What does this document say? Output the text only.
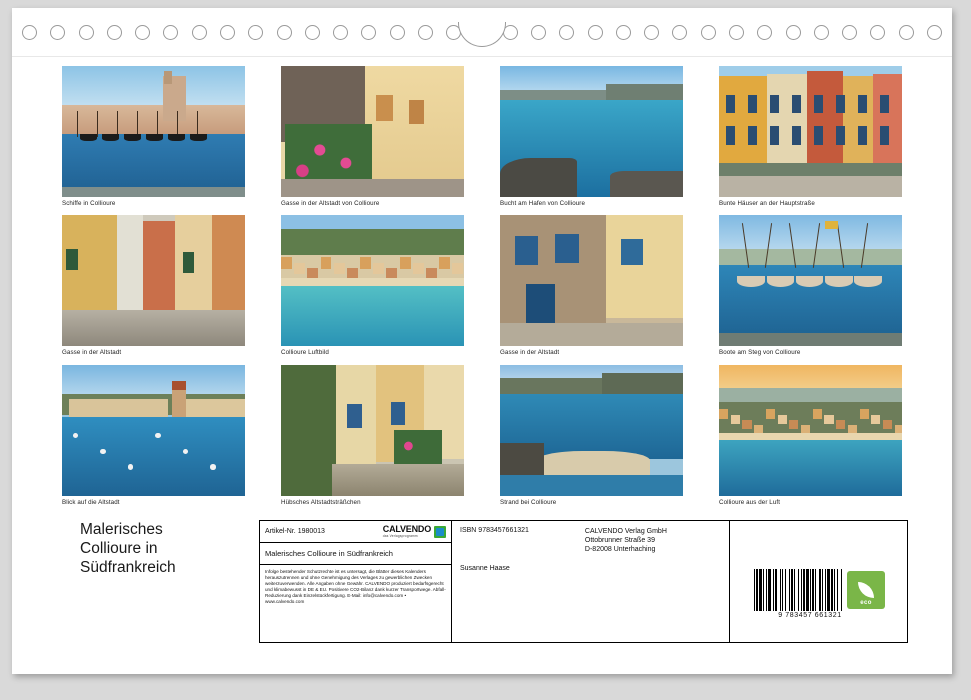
Schiffe in Collioure	Gasse in der Altstadt von Collioure	Bucht am Hafen von Collioure	Bunte Häuser an der Hauptstraße
Gasse in der Altstadt	Collioure Luftbild	Gasse in der Altstadt	Boote am Steg von Collioure
Blick auf die Altstadt	Hübsches Altstadtsträßchen	Strand bei Collioure	Collioure aus der Luft
Malerisches
Collioure in
Südfrankreich
Artikel-Nr. 1980013	CALVENDO
das Verlagsprogramm
Malerisches Collioure in Südfrankreich
Infolge bestehender Schutzrechte ist es untersagt, die Blätter dieses Kalenders herauszutrennen und ohne Genehmigung des Verlages zu gewerblichen Zwecken weiterzuverwenden. Alle Angaben ohne Gewähr. CALVENDO produziert bedarfsgerecht und klimabewusst in DE & EU. Positivere CO2-Bilanz dank kurzer Transportwege. Abfall-Reduzierung dank Einzelstückfertigung. E-Mail: info@calvendo.com • www.calvendo.com
ISBN 9783457661321	CALVENDO Verlag GmbH
Ottobrunner Straße 39
D-82008 Unterhaching
Susanne Haase
9 783457 661321
eco
